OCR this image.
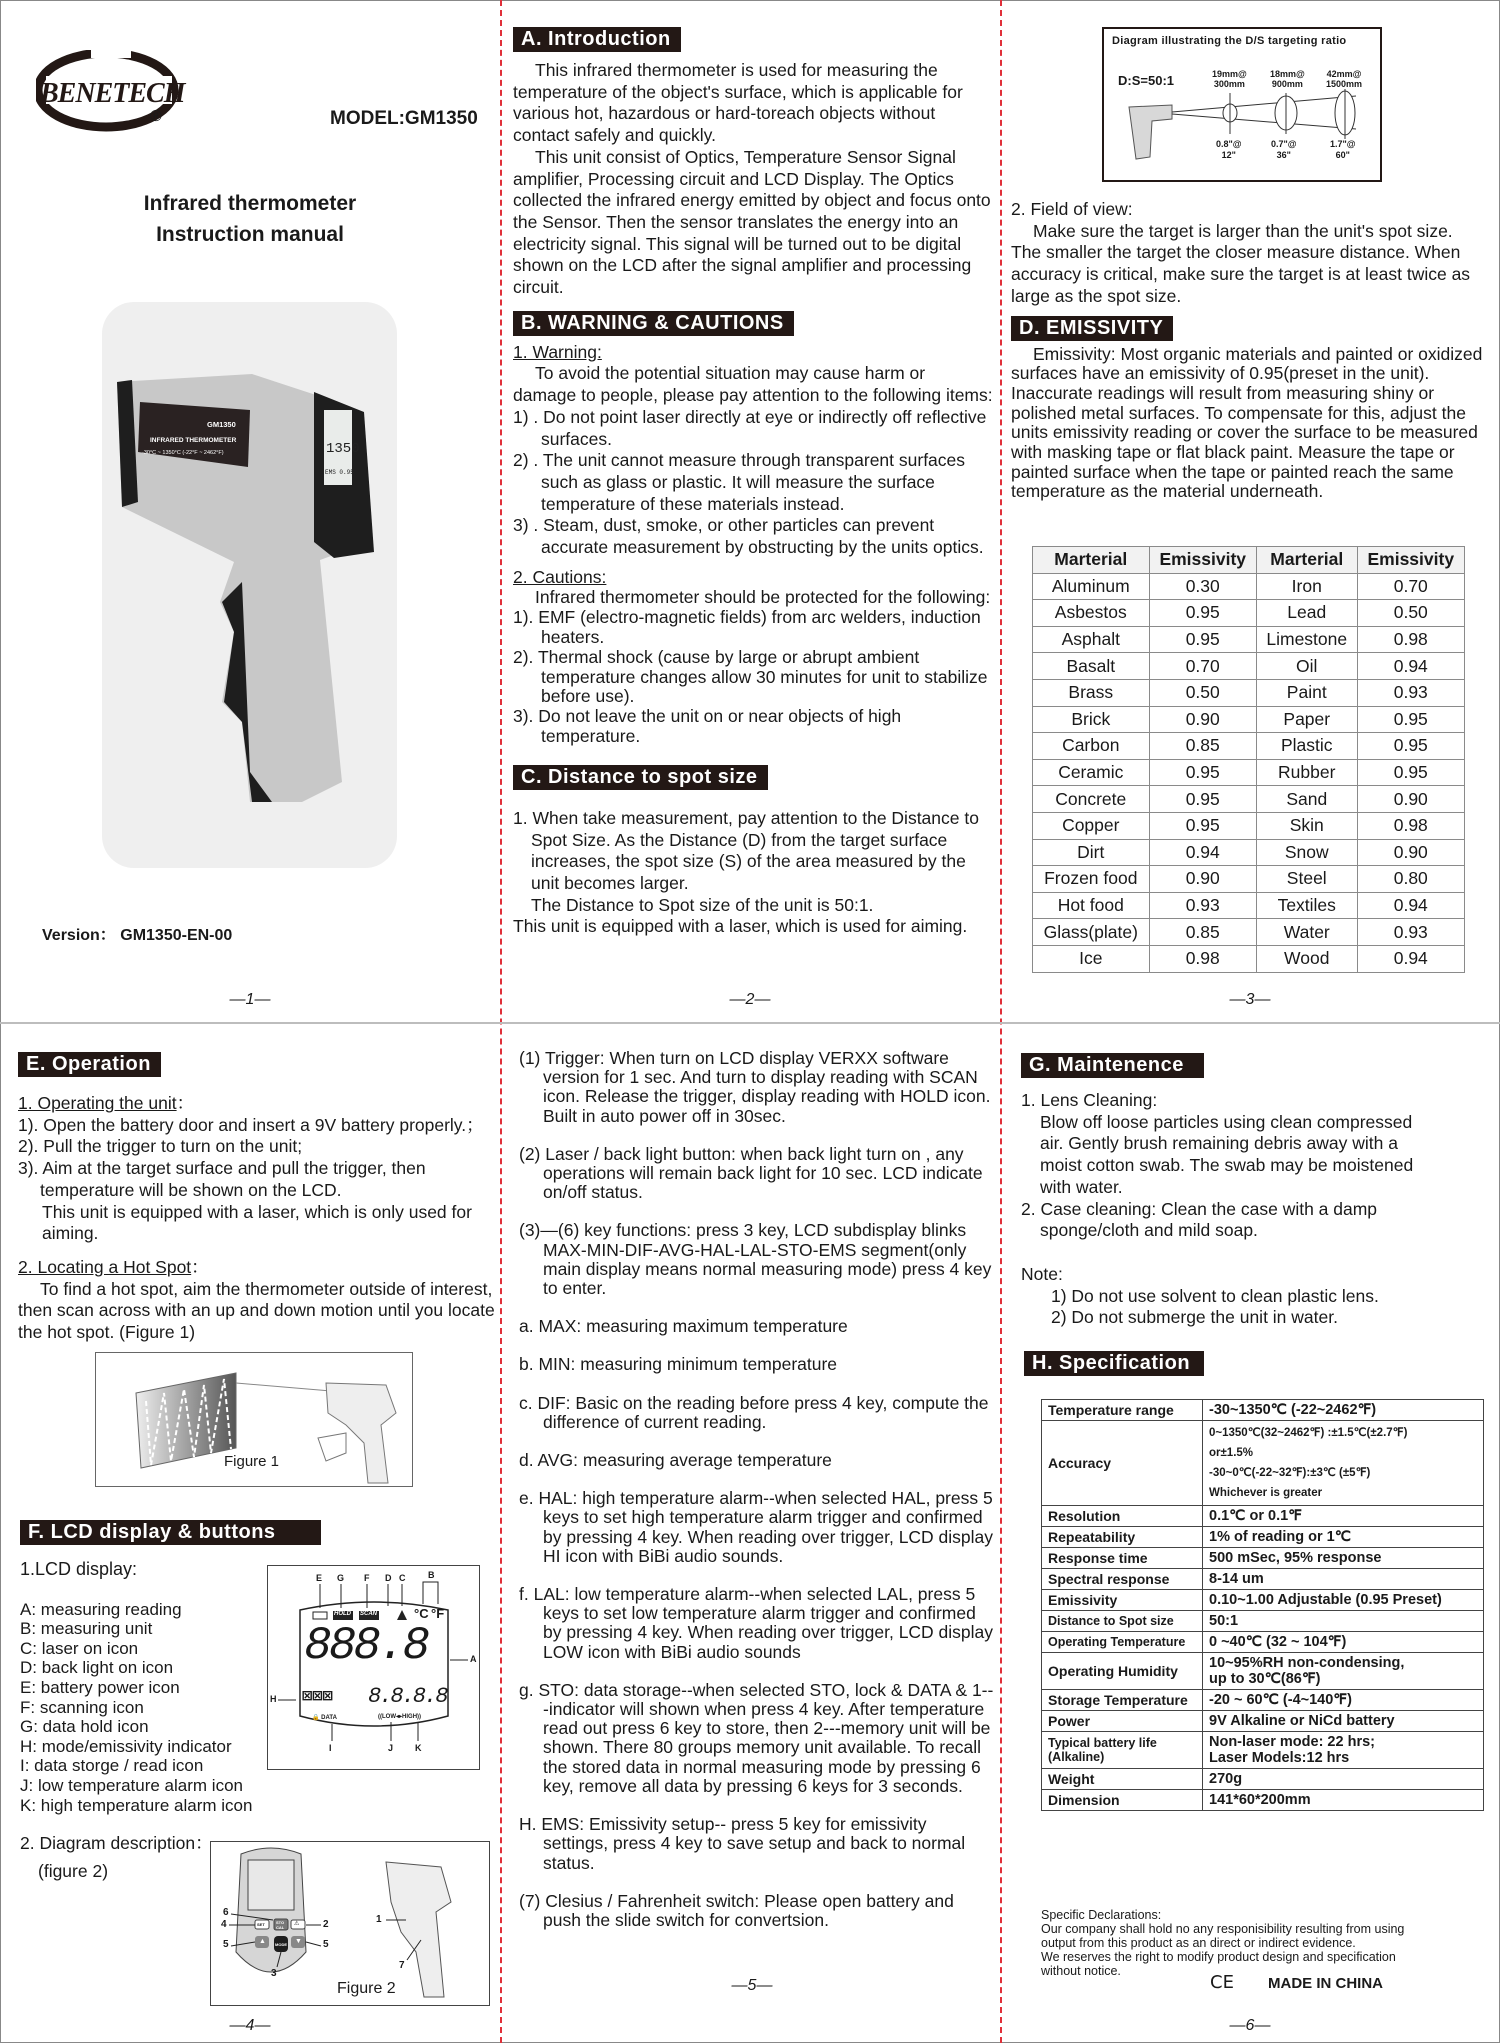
BENETECH
®	MODEL:GM1350
Infrared thermometer
Instruction manual
GM1350
INFRARED THERMOMETER
-30°C ~ 1350°C (-22°F ~ 2462°F)	1350
EMS 0.95
Version： GM1350-EN-00
—1—
A. Introduction

This infrared thermometer is used for measuring the temperature of the object's surface, which is applicable for various hot, hazardous or hard-toreach objects without contact safely and quickly.

This unit consist of Optics, Temperature Sensor Signal amplifier, Processing circuit and LCD Display. The Optics collected the infrared energy emitted by object and focus onto the Sensor. Then the sensor translates the energy into an electricity signal. This signal will be turned out to be digital shown on the LCD after the signal amplifier and processing circuit.

B. WARNING & CAUTIONS

1. Warning:

To avoid the potential situation may cause harm or damage to people, please pay attention to the following items:

1) . Do not point laser directly at eye or indirectly off reflective surfaces.

2) . The unit cannot measure through transparent surfaces such as glass or plastic. It will measure the surface temperature of these materials instead.

3) . Steam, dust, smoke, or other particles can prevent accurate measurement by obstructing by the units optics.

2. Cautions:

Infrared thermometer should be protected for the following:

1). EMF (electro-magnetic fields) from arc welders, induction heaters.

2). Thermal shock (cause by large or abrupt ambient temperature changes allow 30 minutes for unit to stabilize before use).

3). Do not leave the unit on or near objects of high temperature.

C. Distance to spot size

1. When take measurement, pay attention to the Distance to Spot Size. As the Distance (D) from the target surface increases, the spot size (S) of the area measured by the unit becomes larger.

The Distance to Spot size of the unit is 50:1.

This unit is equipped with a laser, which is used for aiming.

—2—
Diagram illustrating the D/S targeting ratio
D:S=50:1	19mm@
300mm
18mm@
900mm
42mm@
1500mm
0.8"@
12"
0.7"@
36"
1.7"@
60"

2. Field of view:

Make sure the target is larger than the unit's spot size.

The smaller the target the closer measure distance. When accuracy is critical, make sure the target is at least twice as large as the spot size.

D. EMISSIVITY

Emissivity: Most organic materials and painted or oxidized surfaces have an emissivity of 0.95(preset in the unit). Inaccurate readings will result from measuring shiny or polished metal surfaces. To compensate for this, adjust the units emissivity reading or cover the surface to be measured with masking tape or flat black paint. Measure the tape or painted surface when the tape or painted reach the same temperature as the material underneath.

Marterial	Emissivity	Marterial	Emissivity
Aluminum	0.30	Iron	0.70
Asbestos	0.95	Lead	0.50
Asphalt	0.95	Limestone	0.98
Basalt	0.70	Oil	0.94
Brass	0.50	Paint	0.93
Brick	0.90	Paper	0.95
Carbon	0.85	Plastic	0.95
Ceramic	0.95	Rubber	0.95
Concrete	0.95	Sand	0.90
Copper	0.95	Skin	0.98
Dirt	0.94	Snow	0.90
Frozen food	0.90	Steel	0.80
Hot food	0.93	Textiles	0.94
Glass(plate)	0.85	Water	0.93
Ice	0.98	Wood	0.94
—3—
E. Operation

1. Operating the unit：

1). Open the battery door and insert a 9V battery properly.；

2). Pull the trigger to turn on the unit;

3). Aim at the target surface and pull the trigger, then temperature will be shown on the LCD.

This unit is equipped with a laser, which is only used for aiming.

2. Locating a Hot Spot：

To find a hot spot, aim the thermometer outside of interest, then scan across with an up and down motion until you locate the hot spot. (Figure 1)

Figure 1
F. LCD display & buttons

1.LCD display:

A: measuring reading
B: measuring unit
C: laser on icon
D: back light on icon
E: battery power icon
F: scanning icon
G: data hold icon
H: mode/emissivity indicator
I: data storge / read icon
J: low temperature alarm icon
K: high temperature alarm icon

2. Diagram description：

(figure 2)

E G F D C	B
A
H
I	J K
HOLD SCAN	°C °F
888.8
⊠⊠⊠ 8.8.8.8
🔒 DATA	((LOW◂▸HIGH))
6
4
5
2
5
3
1
7
SET	STO
CAL
MODE
▲	▼
⚠
Figure 2
—4—

(1) Trigger: When turn on LCD display VERXX software version for 1 sec. And turn to display reading with SCAN icon. Release the trigger, display reading with HOLD icon. Built in auto power off in 30sec.

(2) Laser / back light button: when back light turn on , any operations will remain back light for 10 sec. LCD indicate on/off status.

(3)—(6) key functions: press 3 key, LCD subdisplay blinks MAX-MIN-DIF-AVG-HAL-LAL-STO-EMS segment(only main display means normal measuring mode) press 4 key to enter.

a. MAX: measuring maximum temperature

b. MIN: measuring minimum temperature

c. DIF: Basic on the reading before press 4 key, compute the difference of current reading.

d. AVG: measuring average temperature

e. HAL: high temperature alarm--when selected HAL, press 5 keys to set high temperature alarm trigger and confirmed by pressing 4 key. When reading over trigger, LCD display HI icon with BiBi audio sounds.

f. LAL: low temperature alarm--when selected LAL, press 5 keys to set low temperature alarm trigger and confirmed by pressing 4 key. When reading over trigger, LCD display LOW icon with BiBi audio sounds

g. STO: data storage--when selected STO, lock & DATA & 1---indicator will shown when press 4 key. After temperature read out press 6 key to store, then 2---memory unit will be shown. There 80 groups memory unit available. To recall the stored data in normal measuring mode by pressing 6 key, remove all data by pressing 6 keys for 3 seconds.

H. EMS: Emissivity setup-- press 5 key for emissivity settings, press 4 key to save setup and back to normal status.

(7) Clesius / Fahrenheit switch: Please open battery and push the slide switch for convertsion.

—5—
G. Maintenence

1. Lens Cleaning:

Blow off loose particles using clean compressed air. Gently brush remaining debris away with a moist cotton swab. The swab may be moistened with water.

2. Case cleaning: Clean the case with a damp sponge/cloth and mild soap.

Note:

1) Do not use solvent to clean plastic lens.

2) Do not submerge the unit in water.

H. Specification
Temperature range	-30~1350℃ (-22~2462℉)

Accuracy	0~1350℃(32~2462℉) :±1.5℃(±2.7℉)
or±1.5%
-30~0℃(-22~32℉):±3℃ (±5℉)
Whichever is greater

Resolution	0.1℃ or 0.1℉

Repeatability	1% of reading or 1℃

Response time	500 mSec, 95% response

Spectral response	8-14 um

Emissivity	0.10~1.00 Adjustable (0.95 Preset)

Distance to Spot size	50:1

Operating Temperature	0 ~40℃ (32 ~ 104℉)

Operating Humidity	10~95%RH non-condensing,
up to 30℃(86℉)

Storage Temperature	-20 ~ 60℃ (-4~140℉)

Power	9V Alkaline or NiCd battery

Typical battery life (Alkaline)	Non-laser mode: 22 hrs;
Laser Models:12 hrs

Weight	270g

Dimension	141*60*200mm
Specific Declarations:
Our company shall hold no any responisibility resulting from using
output from this product as an direct or indirect evidence.
We reserves the right to modify product design and specification
without notice.
CE MADE IN CHINA
—6—
